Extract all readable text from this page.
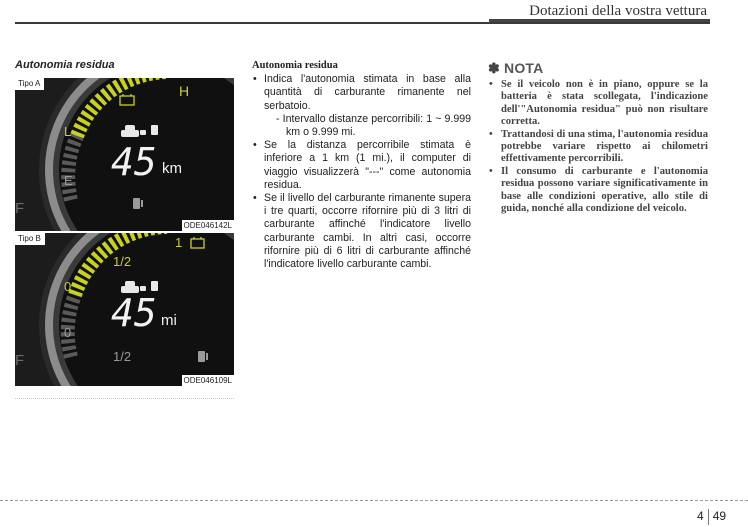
Dotazioni della vostra vettura
Autonomia residua
H
L
E
F
45 km
Tipo A
ODE046142L
1
1/2
0
0
1/2
F
45 mi
Tipo B
ODE046109L
Autonomia residua
• Indica l'autonomia stimata in base alla quantità di carburante rimanente nel serbatoio.
- Intervallo distanze percorribili: 1 ~ 9.999 km o 9.999 mi.
• Se la distanza percorribile stimata è inferiore a 1 km (1 mi.), il computer di viaggio visualizzerà "---" come autonomia residua.
• Se il livello del carburante rimanente supera i tre quarti, occorre rifornire più di 3 litri di carburante affinché l'indicatore livello carburante cambi. In altri casi, occorre rifornire più di 6 litri di carburante affinché l'indicatore livello carburante cambi.
✽ NOTA
• Se il veicolo non è in piano, oppure se la batteria è stata scollegata, l'indicazione dell'"Autonomia residua" può non risultare corretta.
• Trattandosi di una stima, l'autonomia residua potrebbe variare rispetto ai chilometri effettivamente percorribili.
• Il consumo di carburante e l'autonomia residua possono variare significativamente in base alle condizioni operative, allo stile di guida, nonché alla condizione del veicolo.
4 49
